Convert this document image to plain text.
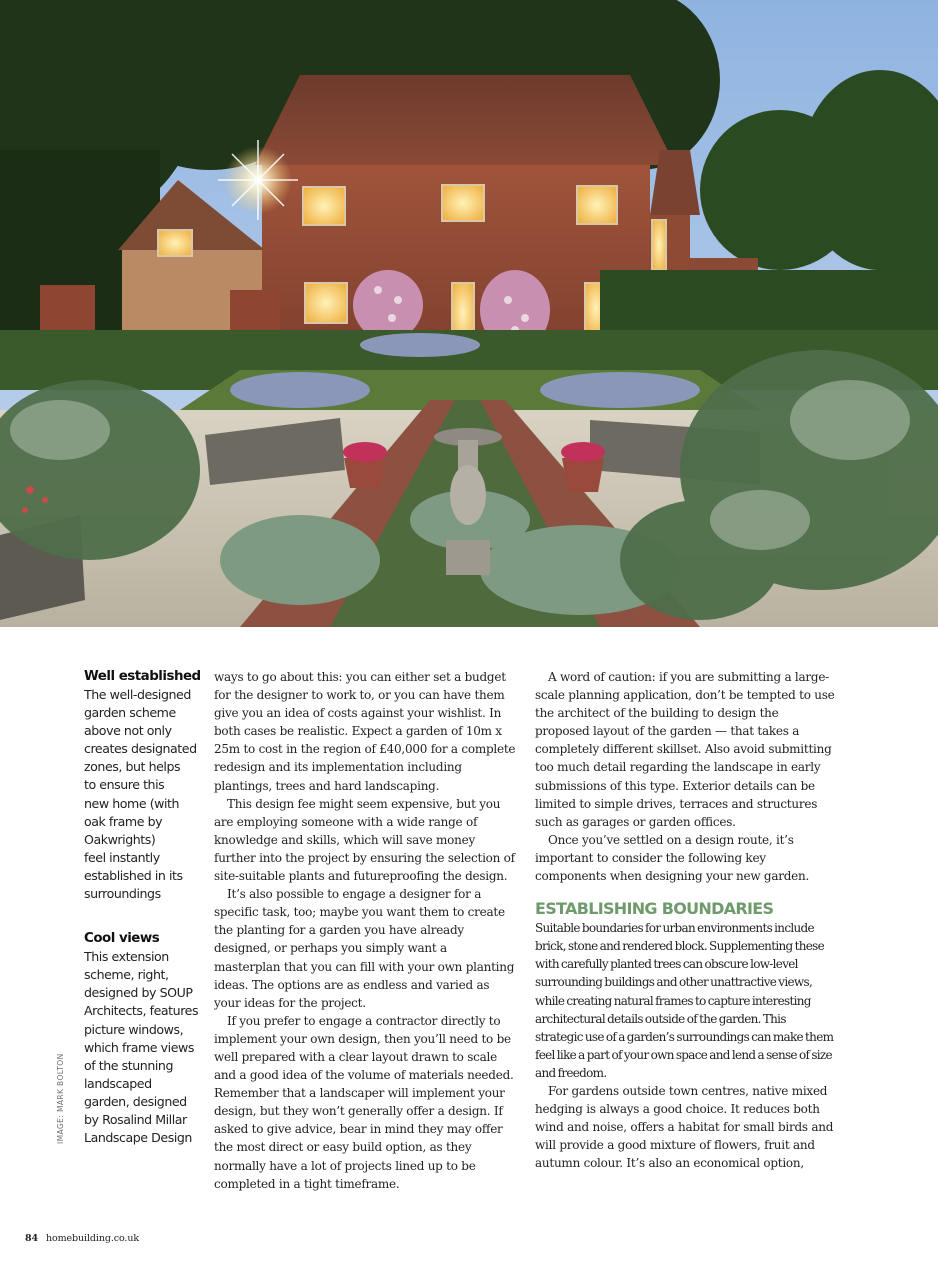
Well established
The well-designed
garden scheme
above not only
creates designated
zones, but helps
to ensure this
new home (with
oak frame by
Oakwrights)
feel instantly
established in its
surroundings
Cool views
This extension
scheme, right,
designed by SOUP
Architects, features
picture windows,
which frame views
of the stunning
landscaped
garden, designed
by Rosalind Millar
Landscape Design
IMAGE: MARK BOLTON

ways to go about this: you can either set a budget for the designer to work to, or you can have them give you an idea of costs against your wishlist. In both cases be realistic. Expect a garden of 10m x 25m to cost in the region of £40,000 for a complete redesign and its implementation including plantings, trees and hard landscaping.

This design fee might seem expensive, but you are employing someone with a wide range of knowledge and skills, which will save money further into the project by ensuring the selection of site-suitable plants and futureproofing the design.

It’s also possible to engage a designer for a specific task, too; maybe you want them to create the planting for a garden you have already designed, or perhaps you simply want a masterplan that you can fill with your own planting ideas. The options are as endless and varied as your ideas for the project.

If you prefer to engage a contractor directly to implement your own design, then you’ll need to be well prepared with a clear layout drawn to scale and a good idea of the volume of materials needed. Remember that a landscaper will implement your design, but they won’t generally offer a design. If asked to give advice, bear in mind they may offer the most direct or easy build option, as they normally have a lot of projects lined up to be completed in a tight timeframe.

A word of caution: if you are submitting a large-scale planning application, don’t be tempted to use the architect of the building to design the proposed layout of the garden — that takes a completely different skillset. Also avoid submitting too much detail regarding the landscape in early submissions of this type. Exterior details can be limited to simple drives, terraces and structures such as garages or garden offices.

Once you’ve settled on a design route, it’s important to consider the following key components when designing your new garden.

ESTABLISHING BOUNDARIES

Suitable boundaries for urban environments include brick, stone and rendered block. Supplementing these with carefully planted trees can obscure low-level surrounding buildings and other unattractive views, while creating natural frames to capture interesting architectural details outside of the garden. This strategic use of a garden’s surroundings can make them feel like a part of your own space and lend a sense of size and freedom.

For gardens outside town centres, native mixed hedging is always a good choice. It reduces both wind and noise, offers a habitat for small birds and will provide a good mixture of flowers, fruit and autumn colour. It’s also an economical option,

84 homebuilding.co.uk
